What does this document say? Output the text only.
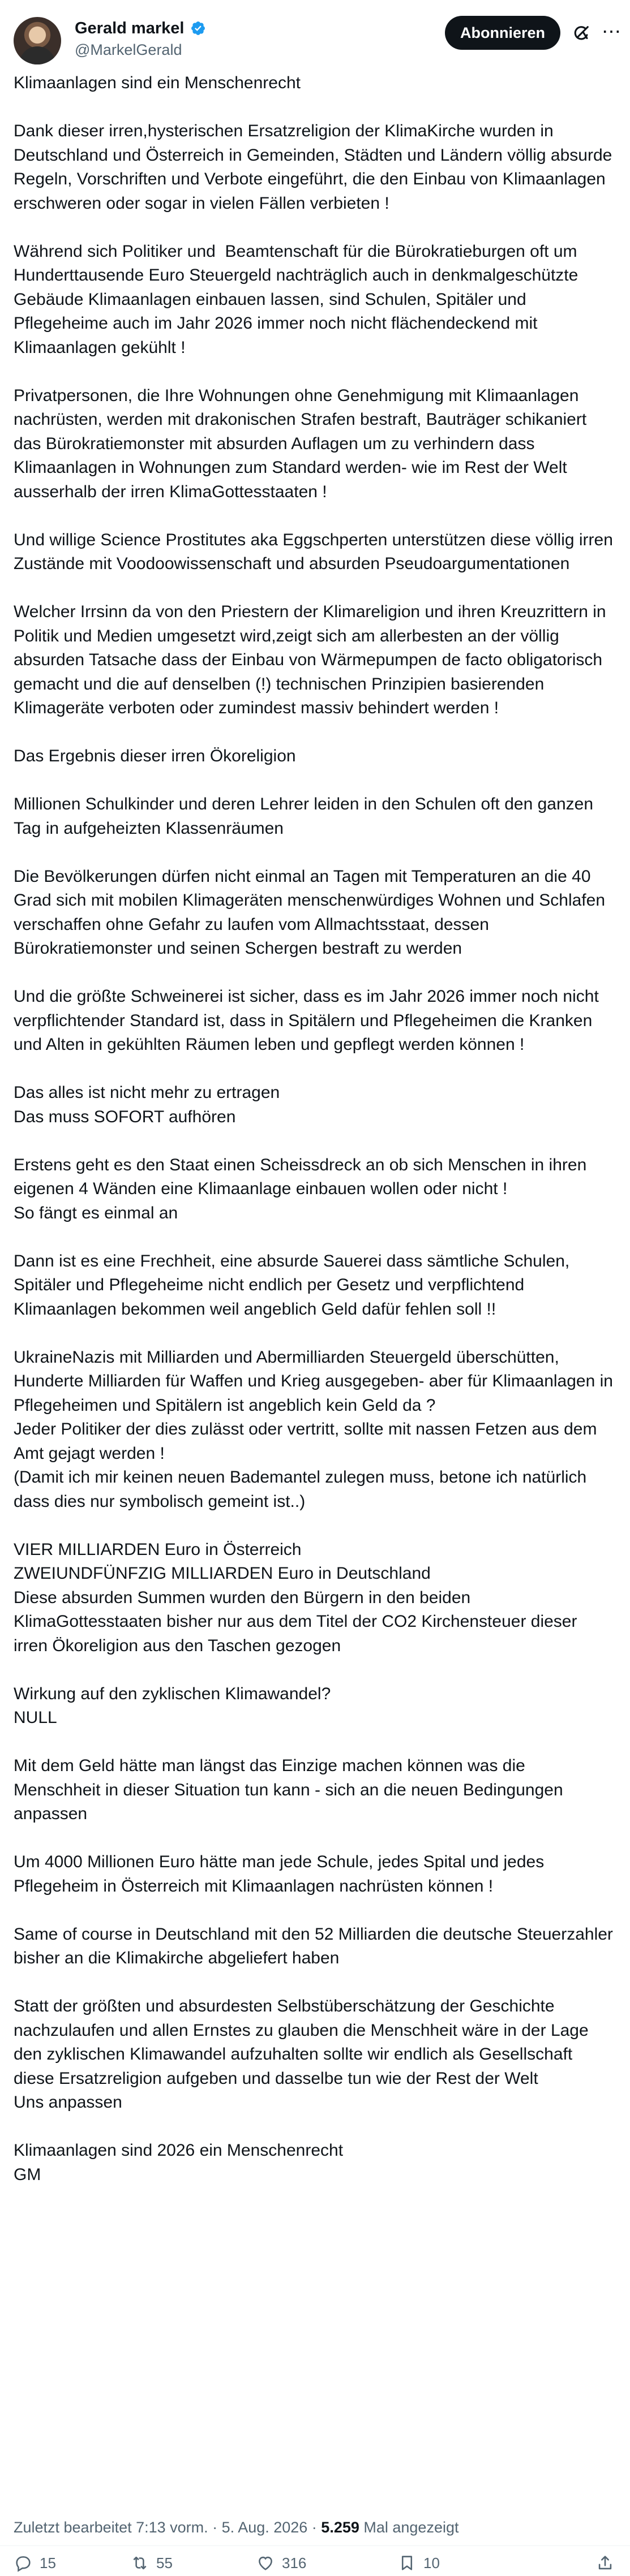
Gerald markel
@MarkelGerald
Abonnieren	⋯
Klimaanlagen sind ein Menschenrecht

Dank dieser irren,hysterischen Ersatzreligion der KlimaKirche wurden in Deutschland und Österreich in Gemeinden, Städten und Ländern völlig absurde Regeln, Vorschriften und Verbote eingeführt, die den Einbau von Klimaanlagen erschweren oder sogar in vielen Fällen verbieten !

Während sich Politiker und  Beamtenschaft für die Bürokratieburgen oft um Hunderttausende Euro Steuergeld nachträglich auch in denkmalgeschützte Gebäude Klimaanlagen einbauen lassen, sind Schulen, Spitäler und Pflegeheime auch im Jahr 2026 immer noch nicht flächendeckend mit Klimaanlagen gekühlt !

Privatpersonen, die Ihre Wohnungen ohne Genehmigung mit Klimaanlagen nachrüsten, werden mit drakonischen Strafen bestraft, Bauträger schikaniert das Bürokratiemonster mit absurden Auflagen um zu verhindern dass Klimaanlagen in Wohnungen zum Standard werden- wie im Rest der Welt ausserhalb der irren KlimaGottesstaaten !

Und willige Science Prostitutes aka Eggschperten unterstützen diese völlig irren Zustände mit Voodoowissenschaft und absurden Pseudoargumentationen

Welcher Irrsinn da von den Priestern der Klimareligion und ihren Kreuzrittern in Politik und Medien umgesetzt wird,zeigt sich am allerbesten an der völlig absurden Tatsache dass der Einbau von Wärmepumpen de facto obligatorisch gemacht und die auf denselben (!) technischen Prinzipien basierenden Klimageräte verboten oder zumindest massiv behindert werden !

Das Ergebnis dieser irren Ökoreligion

Millionen Schulkinder und deren Lehrer leiden in den Schulen oft den ganzen Tag in aufgeheizten Klassenräumen

Die Bevölkerungen dürfen nicht einmal an Tagen mit Temperaturen an die 40 Grad sich mit mobilen Klimageräten menschenwürdiges Wohnen und Schlafen verschaffen ohne Gefahr zu laufen vom Allmachtsstaat, dessen Bürokratiemonster und seinen Schergen bestraft zu werden

Und die größte Schweinerei ist sicher, dass es im Jahr 2026 immer noch nicht verpflichtender Standard ist, dass in Spitälern und Pflegeheimen die Kranken und Alten in gekühlten Räumen leben und gepflegt werden können !

Das alles ist nicht mehr zu ertragen
Das muss SOFORT aufhören

Erstens geht es den Staat einen Scheissdreck an ob sich Menschen in ihren eigenen 4 Wänden eine Klimaanlage einbauen wollen oder nicht !
So fängt es einmal an

Dann ist es eine Frechheit, eine absurde Sauerei dass sämtliche Schulen, Spitäler und Pflegeheime nicht endlich per Gesetz und verpflichtend Klimaanlagen bekommen weil angeblich Geld dafür fehlen soll !!

UkraineNazis mit Milliarden und Abermilliarden Steuergeld überschütten,  Hunderte Milliarden für Waffen und Krieg ausgegeben- aber für Klimaanlagen in Pflegeheimen und Spitälern ist angeblich kein Geld da ?
Jeder Politiker der dies zulässt oder vertritt, sollte mit nassen Fetzen aus dem Amt gejagt werden !
(Damit ich mir keinen neuen Bademantel zulegen muss, betone ich natürlich dass dies nur symbolisch gemeint ist..)

VIER MILLIARDEN Euro in Österreich
ZWEIUNDFÜNFZIG MILLIARDEN Euro in Deutschland
Diese absurden Summen wurden den Bürgern in den beiden KlimaGottesstaaten bisher nur aus dem Titel der CO2 Kirchensteuer dieser irren Ökoreligion aus den Taschen gezogen

Wirkung auf den zyklischen Klimawandel?
NULL

Mit dem Geld hätte man längst das Einzige machen können was die Menschheit in dieser Situation tun kann - sich an die neuen Bedingungen anpassen

Um 4000 Millionen Euro hätte man jede Schule, jedes Spital und jedes Pflegeheim in Österreich mit Klimaanlagen nachrüsten können !

Same of course in Deutschland mit den 52 Milliarden die deutsche Steuerzahler bisher an die Klimakirche abgeliefert haben

Statt der größten und absurdesten Selbstüberschätzung der Geschichte nachzulaufen und allen Ernstes zu glauben die Menschheit wäre in der Lage den zyklischen Klimawandel aufzuhalten sollte wir endlich als Gesellschaft diese Ersatzreligion aufgeben und dasselbe tun wie der Rest der Welt
Uns anpassen

Klimaanlagen sind 2026 ein Menschenrecht
GM
Zuletzt bearbeitet 7:13 vorm. · 5. Aug. 2026 · 5.259 Mal angezeigt
15	55	316	10
